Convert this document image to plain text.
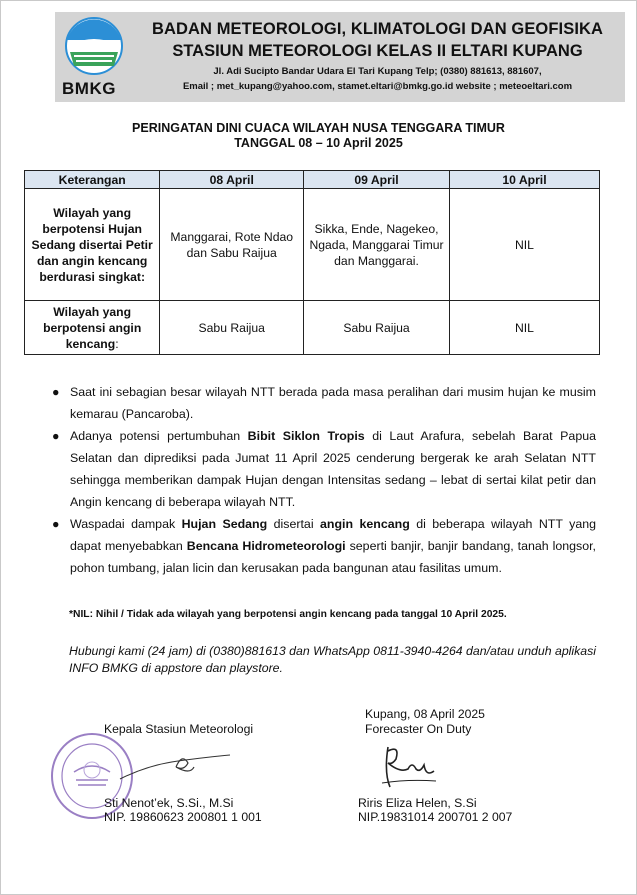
BMKG
BADAN METEOROLOGI, KLIMATOLOGI DAN GEOFISIKA
STASIUN METEOROLOGI KELAS II ELTARI KUPANG
Jl. Adi Sucipto Bandar Udara El Tari Kupang Telp; (0380) 881613, 881607,
Email ; met_kupang@yahoo.com, stamet.eltari@bmkg.go.id website ; meteoeltari.com
PERINGATAN DINI CUACA WILAYAH NUSA TENGGARA TIMUR
TANGGAL 08 – 10 April 2025
Keterangan	08 April	09 April	10 April
Wilayah yang berpotensi Hujan Sedang disertai Petir dan angin kencang berdurasi singkat:	Manggarai, Rote Ndao dan Sabu Raijua	Sikka, Ende, Nagekeo, Ngada, Manggarai Timur dan Manggarai.	NIL
Wilayah yang berpotensi angin kencang:	Sabu Raijua	Sabu Raijua	NIL
● Saat ini sebagian besar wilayah NTT berada pada masa peralihan dari musim hujan ke musim kemarau (Pancaroba).
● Adanya potensi pertumbuhan Bibit Siklon Tropis di Laut Arafura, sebelah Barat Papua Selatan dan diprediksi pada Jumat 11 April 2025 cenderung bergerak ke arah Selatan NTT sehingga memberikan dampak Hujan dengan Intensitas sedang – lebat di sertai kilat petir dan Angin kencang di beberapa wilayah NTT.
● Waspadai dampak Hujan Sedang disertai angin kencang di beberapa wilayah NTT yang dapat menyebabkan Bencana Hidrometeorologi seperti banjir, banjir bandang, tanah longsor, pohon tumbang, jalan licin dan kerusakan pada bangunan atau fasilitas umum.
*NIL: Nihil / Tidak ada wilayah yang berpotensi angin kencang pada tanggal 10 April 2025.
Hubungi kami (24 jam) di (0380)881613 dan WhatsApp 0811-3940-4264 dan/atau unduh aplikasi INFO BMKG di appstore dan playstore.
Kupang, 08 April 2025
Kepala Stasiun Meteorologi	Forecaster On Duty
Sti Nenot’ek, S.Si., M.Si
NIP. 19860623 200801 1 001
Riris Eliza Helen, S.Si
NIP.19831014 200701 2 007
